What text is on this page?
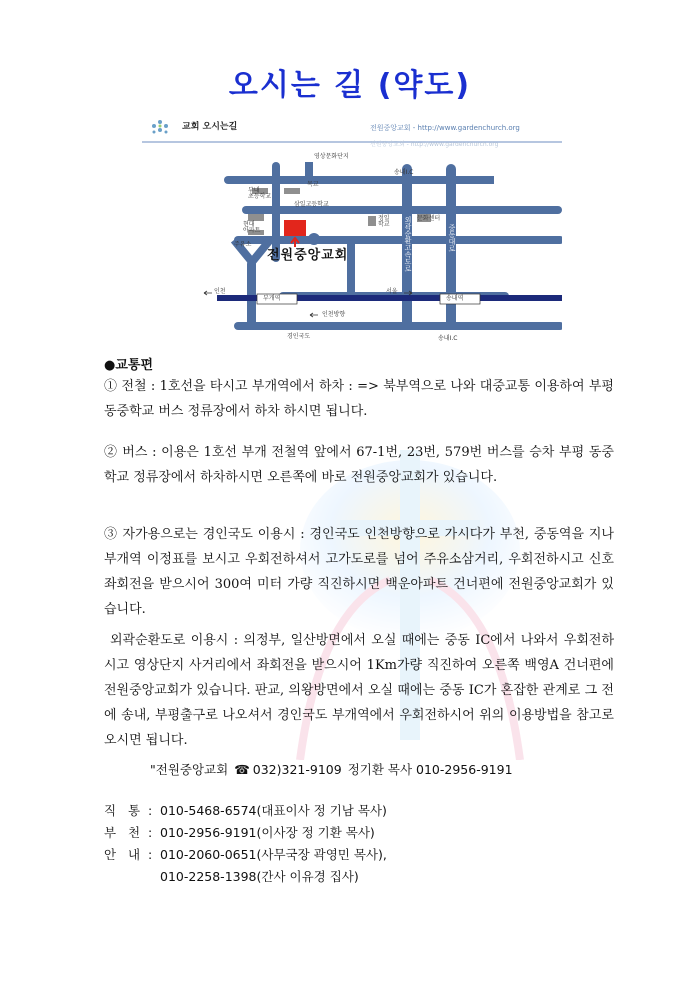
오시는 길 (약도)
교회 오시는길	전원중앙교회 - http://www.gardenchurch.org
전원중앙교회 - http://www.gardenchurch.org
영상문화단지
목교
부내
초등학교
삼일고등학교
현대
아파트
주유소
정일
학교
문화센터
송내I.C
외곽순환고속도로	중동대로
전원중앙교회
인천
부개역
서울
송내역
인천방향
경인국도	송내I.C
●교통편

① 전철 : 1호선을 타시고 부개역에서 하차 : => 북부역으로 나와 대중교통 이용하여 부평 동중학교 버스 정류장에서 하차 하시면 됩니다.

② 버스 : 이용은 1호선 부개 전철역 앞에서 67-1번, 23번, 579번 버스를 승차 부평 동중학교 정류장에서 하차하시면 오른쪽에 바로 전원중앙교회가 있습니다.

③ 자가용으로는 경인국도 이용시 : 경인국도 인천방향으로 가시다가 부천, 중동역을 지나 부개역 이정표를 보시고 우회전하셔서 고가도로를 넘어 주유소삼거리, 우회전하시고 신호 좌회전을 받으시어 300여 미터 가량 직진하시면 백운아파트 건너편에 전원중앙교회가 있습니다.

외곽순환도로 이용시 : 의정부, 일산방면에서 오실 때에는 중동 IC에서 나와서 우회전하시고 영상단지 사거리에서 좌회전을 받으시어 1Km가량 직진하여 오른쪽 백영A 건너편에 전원중앙교회가 있습니다. 판교, 의왕방면에서 오실 때에는 중동 IC가 혼잡한 관계로 그 전에 송내, 부평출구로 나오셔서 경인국도 부개역에서 우회전하시어 위의 이용방법을 참고로 오시면 됩니다.

"전원중앙교회 ☎ 032)321-9109 정기환 목사 010-2956-9191
직 통 : 010-5468-6574(대표이사 정 기남 목사)
부 천 : 010-2956-9191(이사장 정 기환 목사)
안 내 : 010-2060-0651(사무국장 곽영민 목사),
010-2258-1398(간사 이유경 집사)
